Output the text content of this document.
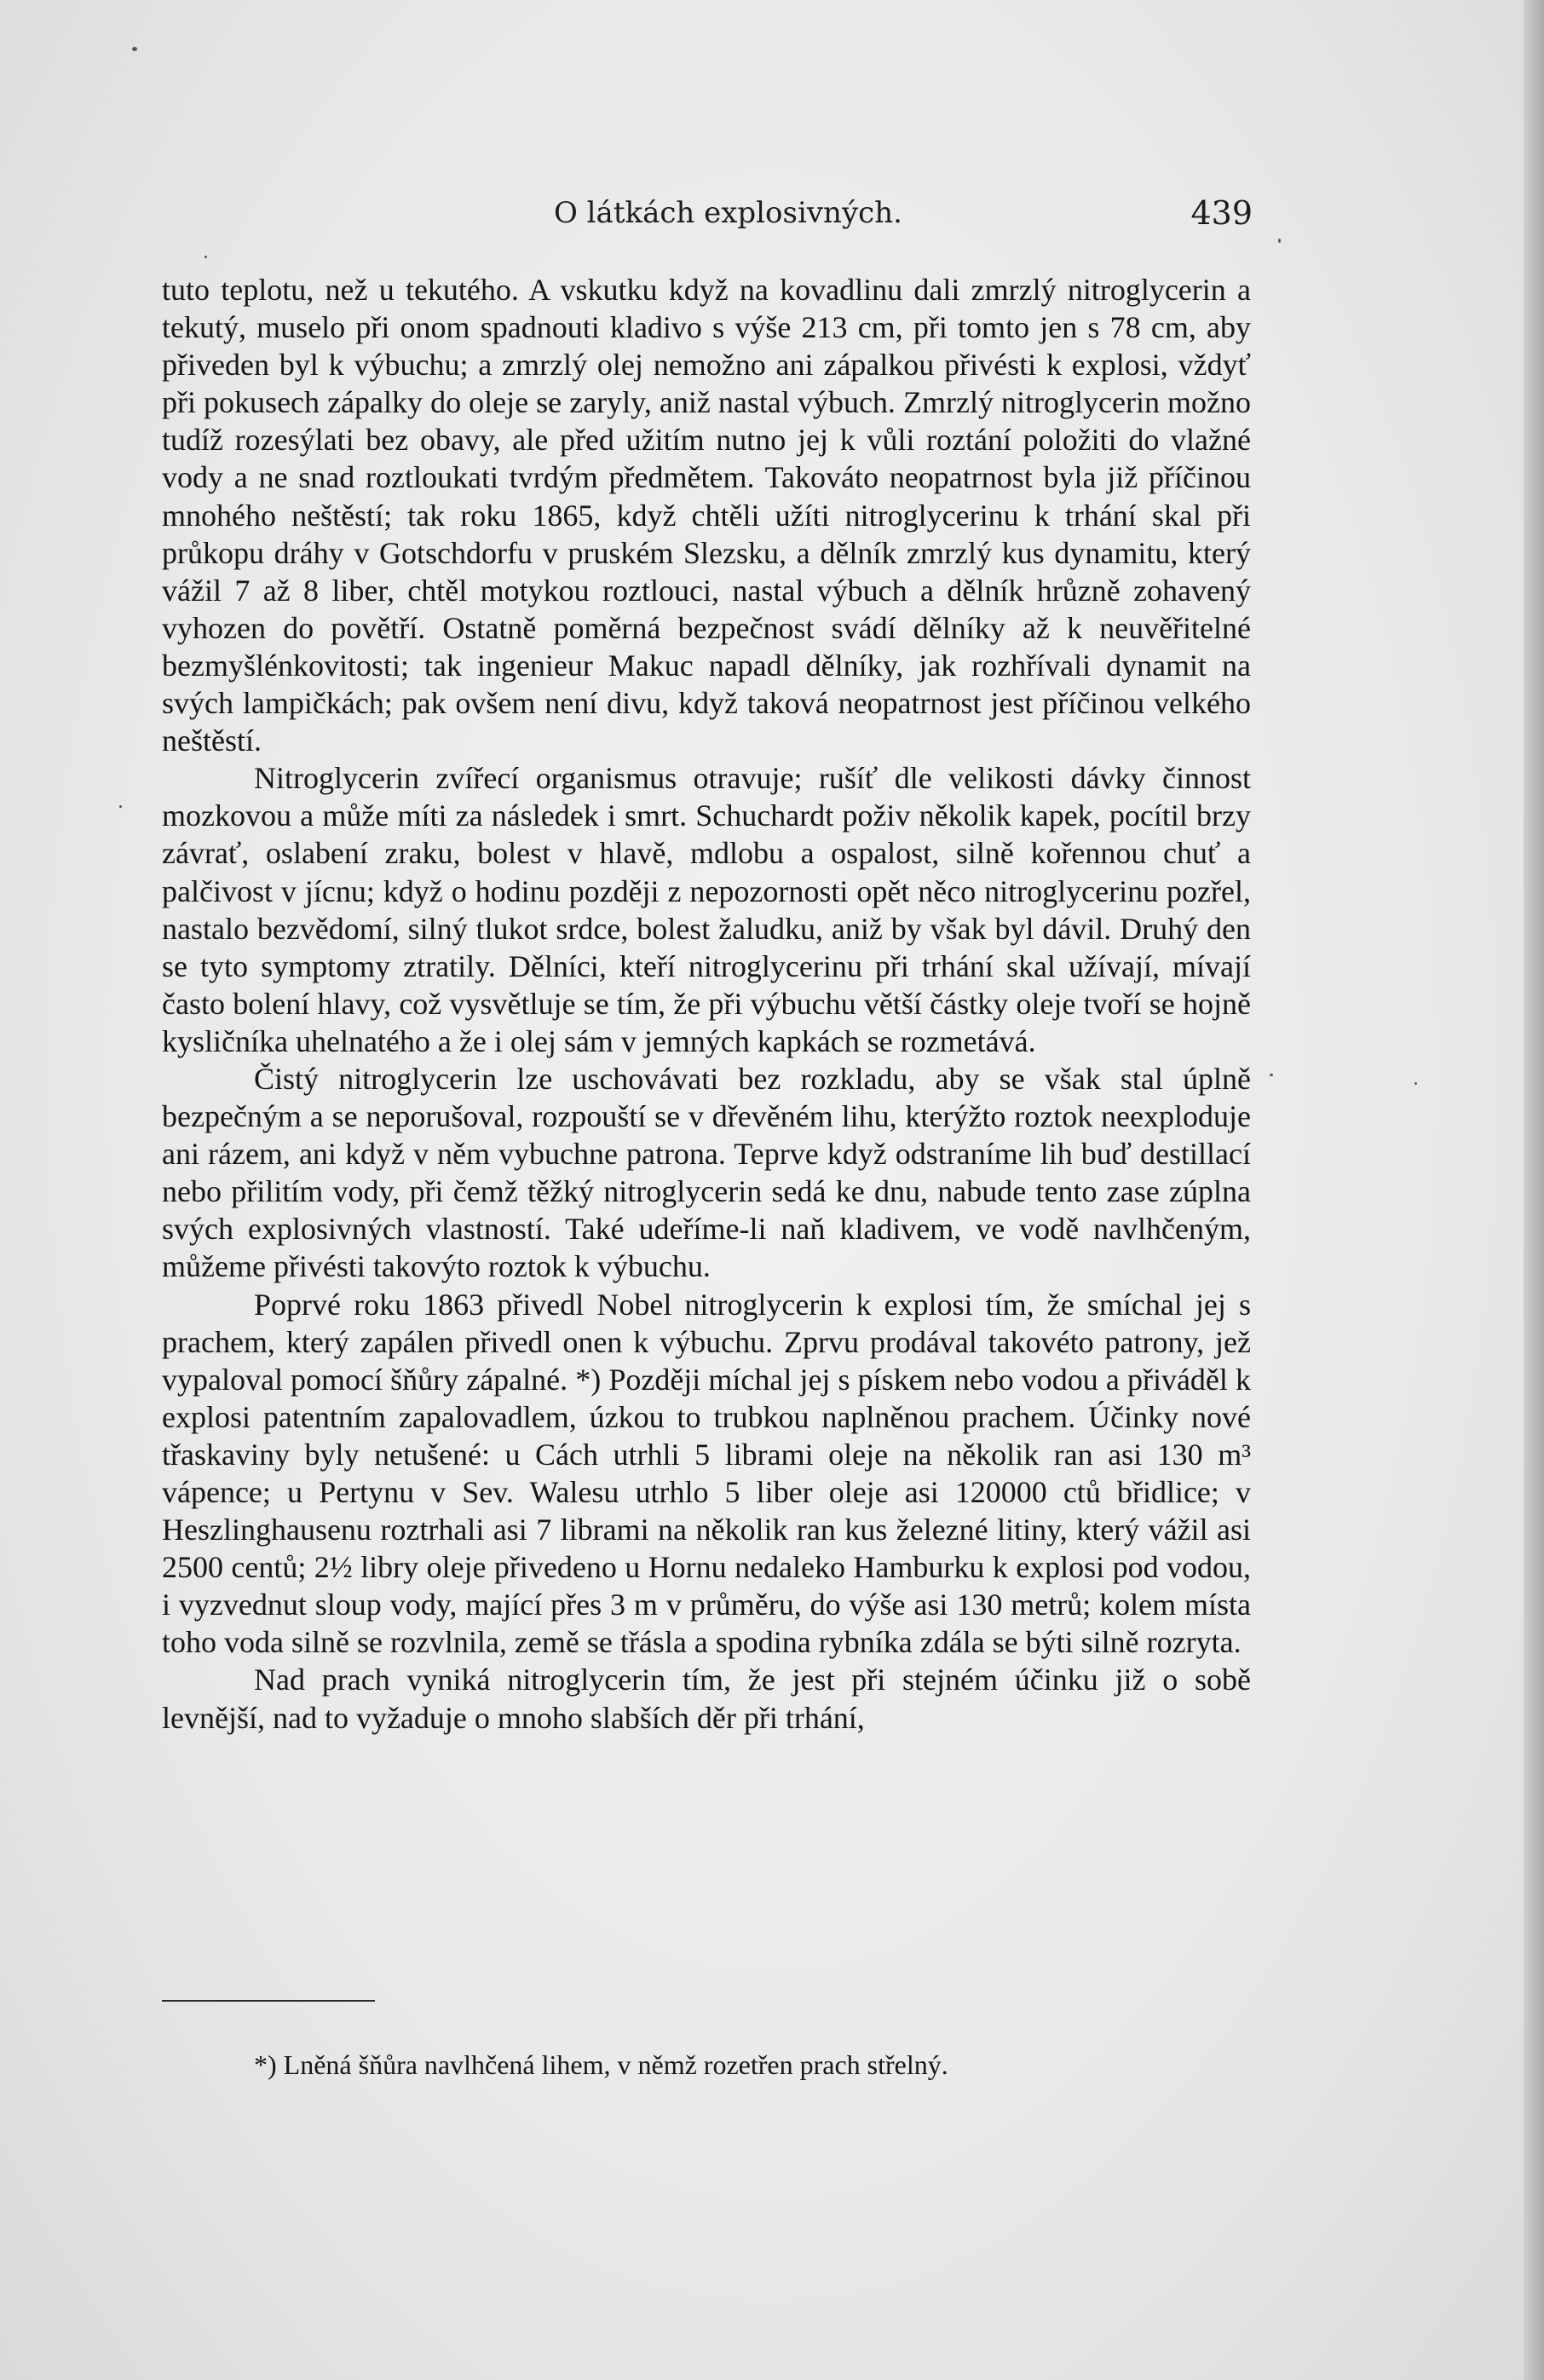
O látkách explosivných.	439

tuto teplotu, než u tekutého. A vskutku když na kovadlinu dali zmrzlý nitroglycerin a tekutý, muselo při onom spadnouti kladivo s výše 213 cm, při tomto jen s 78 cm, aby přiveden byl k výbuchu; a zmrzlý olej nemožno ani zápalkou přivésti k explosi, vždyť při pokusech zápalky do oleje se zaryly, aniž nastal výbuch. Zmrzlý nitroglycerin možno tudíž rozesýlati bez obavy, ale před užitím nutno jej k vůli roztání položiti do vlažné vody a ne snad roztloukati tvrdým předmětem. Takováto neopatrnost byla již příčinou mnohého neštěstí; tak roku 1865, když chtěli užíti nitroglycerinu k trhání skal při průkopu dráhy v Gotschdorfu v pruském Slezsku, a dělník zmrzlý kus dynamitu, který vážil 7 až 8 liber, chtěl motykou roztlouci, nastal výbuch a dělník hrůzně zohavený vyhozen do povětří. Ostatně poměrná bezpečnost svádí dělníky až k neuvěřitelné bezmyšlénkovitosti; tak ingenieur Makuc napadl dělníky, jak rozhřívali dynamit na svých lampičkách; pak ovšem není divu, když taková neopatrnost jest příčinou velkého neštěstí.

Nitroglycerin zvířecí organismus otravuje; rušíť dle velikosti dávky činnost mozkovou a může míti za následek i smrt. Schuchardt poživ několik kapek, pocítil brzy závrať, oslabení zraku, bolest v hlavě, mdlobu a ospalost, silně kořennou chuť a palčivost v jícnu; když o hodinu později z nepozornosti opět něco nitroglycerinu pozřel, nastalo bezvědomí, silný tlukot srdce, bolest žaludku, aniž by však byl dávil. Druhý den se tyto symptomy ztratily. Dělníci, kteří nitroglycerinu při trhání skal užívají, mívají často bolení hlavy, což vysvětluje se tím, že při výbuchu větší částky oleje tvoří se hojně kysličníka uhelnatého a že i olej sám v jemných kapkách se rozmetává.

Čistý nitroglycerin lze uschovávati bez rozkladu, aby se však stal úplně bezpečným a se neporušoval, rozpouští se v dřevěném lihu, kterýžto roztok neexploduje ani rázem, ani když v něm vybuchne patrona. Teprve když odstraníme lih buď destillací nebo přilitím vody, při čemž těžký nitroglycerin sedá ke dnu, nabude tento zase zúplna svých explosivných vlastností. Také udeříme-li naň kladivem, ve vodě navlhčeným, můžeme přivésti takovýto roztok k výbuchu.

Poprvé roku 1863 přivedl Nobel nitroglycerin k explosi tím, že smíchal jej s prachem, který zapálen přivedl onen k výbuchu. Zprvu prodával takovéto patrony, jež vypaloval pomocí šňůry zápalné. *) Později míchal jej s pískem nebo vodou a přiváděl k explosi patentním zapalovadlem, úzkou to trubkou naplněnou prachem. Účinky nové třaskaviny byly netušené: u Cách utrhli 5 librami oleje na několik ran asi 130 m³ vápence; u Pertynu v Sev. Walesu utrhlo 5 liber oleje asi 120000 ctů břidlice; v Heszlinghausenu roztrhali asi 7 librami na několik ran kus železné litiny, který vážil asi 2500 centů; 2½ libry oleje přivedeno u Hornu nedaleko Hamburku k explosi pod vodou, i vyzvednut sloup vody, mající přes 3 m v průměru, do výše asi 130 metrů; kolem místa toho voda silně se rozvlnila, země se třásla a spodina rybníka zdála se býti silně rozryta.

Nad prach vyniká nitroglycerin tím, že jest při stejném účinku již o sobě levnější, nad to vyžaduje o mnoho slabších děr při trhání,

*) Lněná šňůra navlhčená lihem, v němž rozetřen prach střelný.
